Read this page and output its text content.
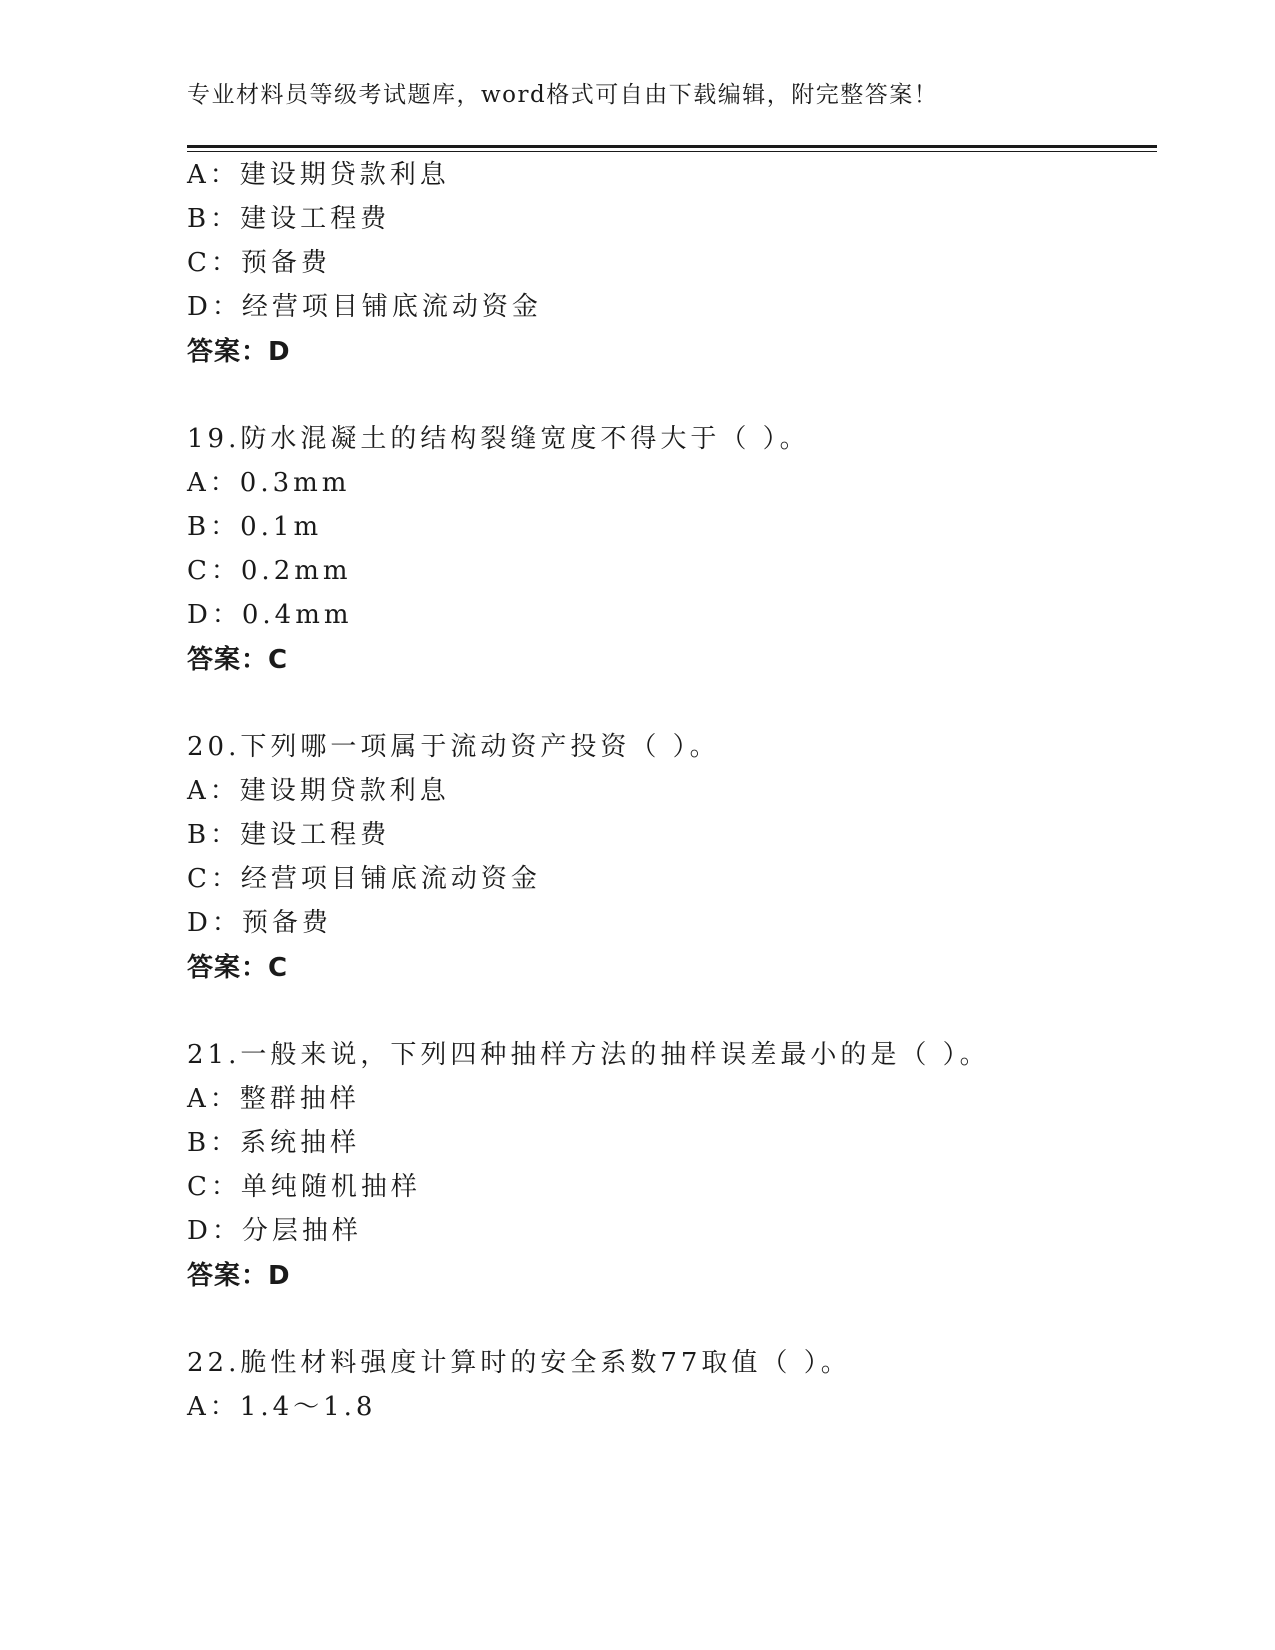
专业材料员等级考试题库，word格式可自由下载编辑，附完整答案！
A：建设期贷款利息
B：建设工程费
C：预备费
D：经营项目铺底流动资金
答案：D
19.防水混凝土的结构裂缝宽度不得大于（ ）。
A：0.3mm
B：0.1m
C：0.2mm
D：0.4mm
答案：C
20.下列哪一项属于流动资产投资（ ）。
A：建设期贷款利息
B：建设工程费
C：经营项目铺底流动资金
D：预备费
答案：C
21.一般来说，下列四种抽样方法的抽样误差最小的是（ ）。
A：整群抽样
B：系统抽样
C：单纯随机抽样
D：分层抽样
答案：D
22.脆性材料强度计算时的安全系数77取值（ ）。
A：1.4～1.8
